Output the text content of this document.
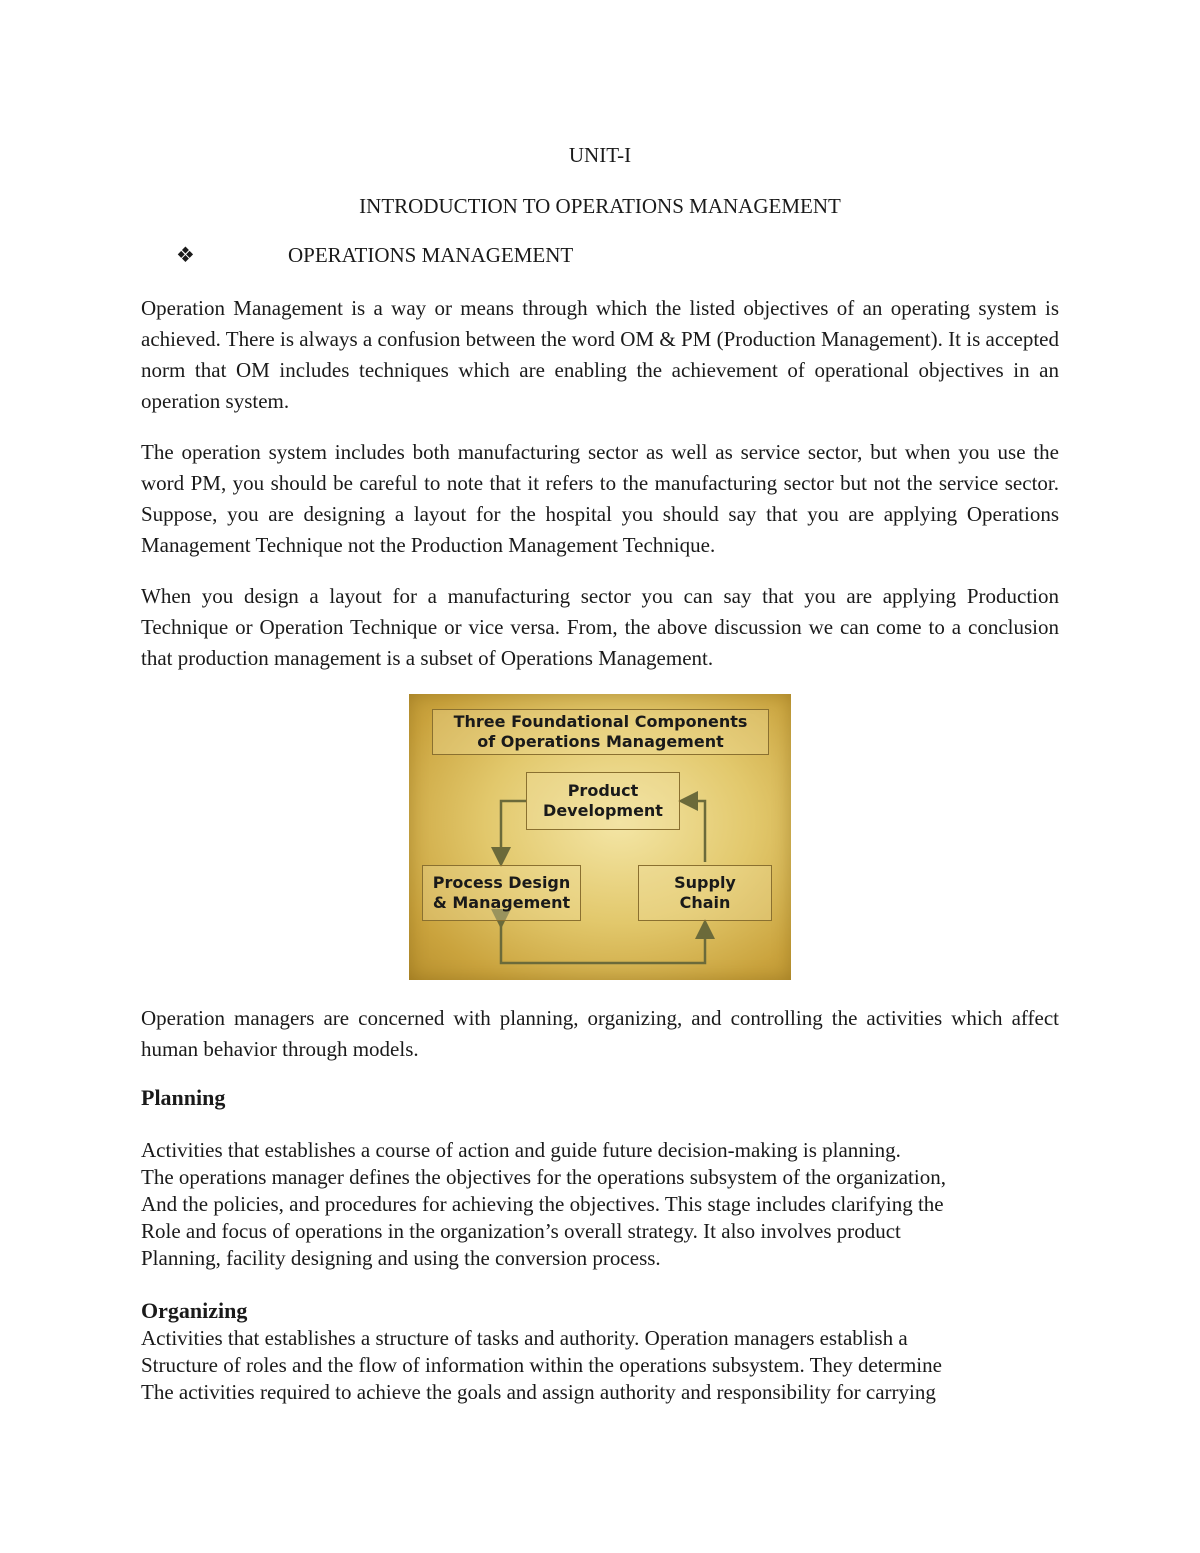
UNIT-I
INTRODUCTION TO OPERATIONS MANAGEMENT
❖	OPERATIONS MANAGEMENT

Operation Management is a way or means through which the listed objectives of an operating system is achieved. There is always a confusion between the word OM & PM (Production Management). It is accepted norm that OM includes techniques which are enabling the achievement of operational objectives in an operation system.

The operation system includes both manufacturing sector as well as service sector, but when you use the word PM, you should be careful to note that it refers to the manufacturing sector but not the service sector. Suppose, you are designing a layout for the hospital you should say that you are applying Operations Management Technique not the Production Management Technique.

When you design a layout for a manufacturing sector you can say that you are applying Production Technique or Operation Technique or vice versa. From, the above discussion we can come to a conclusion that production management is a subset of Operations Management.

Three Foundational Components
of Operations Management
Product
Development
Process Design
& Management
Supply
Chain

Operation managers are concerned with planning, organizing, and controlling the activities which affect human behavior through models.

Planning
Activities that establishes a course of action and guide future decision-making is planning.
The operations manager defines the objectives for the operations subsystem of the organization,
And the policies, and procedures for achieving the objectives. This stage includes clarifying the
Role and focus of operations in the organization’s overall strategy. It also involves product
Planning, facility designing and using the conversion process.
Organizing
Activities that establishes a structure of tasks and authority. Operation managers establish a
Structure of roles and the flow of information within the operations subsystem. They determine
The activities required to achieve the goals and assign authority and responsibility for carrying
